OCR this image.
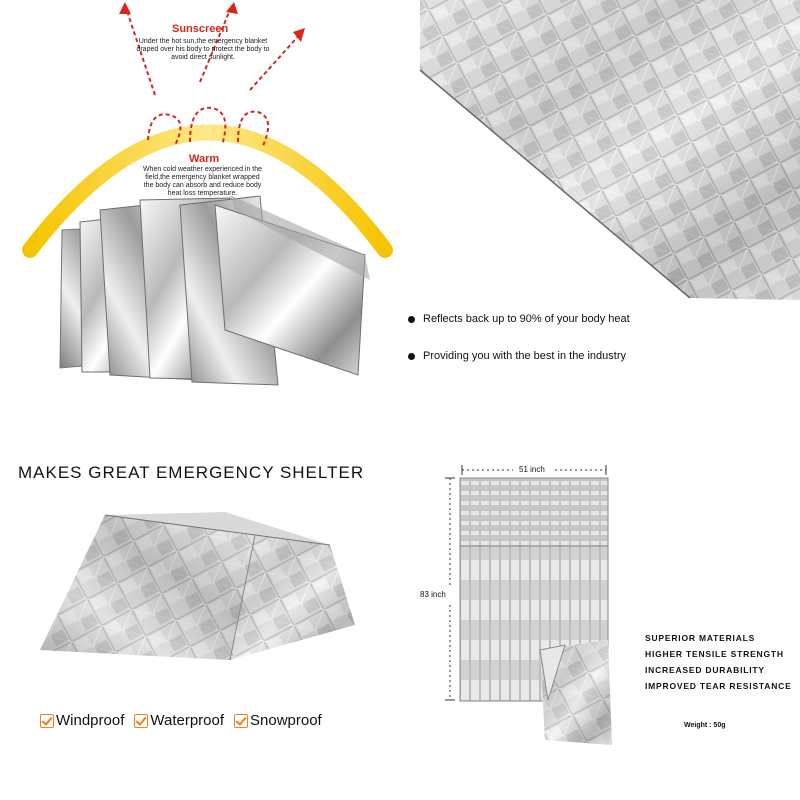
Sunscreen
Under the hot sun,the emergency blanket draped over his body to protect the body to avoid direct sunlight.
Warm
When cold weather experienced in the field,the emergency blanket wrapped the body can absorb and reduce body heat loss temperature.
Reflects back up to 90% of your body heat
Providing you with the best in the industry
MAKES GREAT EMERGENCY SHELTER
Windproof Waterproof Snowproof
51 inch
83 inch
SUPERIOR MATERIALS
HIGHER TENSILE STRENGTH
INCREASED DURABILITY
IMPROVED TEAR RESISTANCE
Weight : 50g
